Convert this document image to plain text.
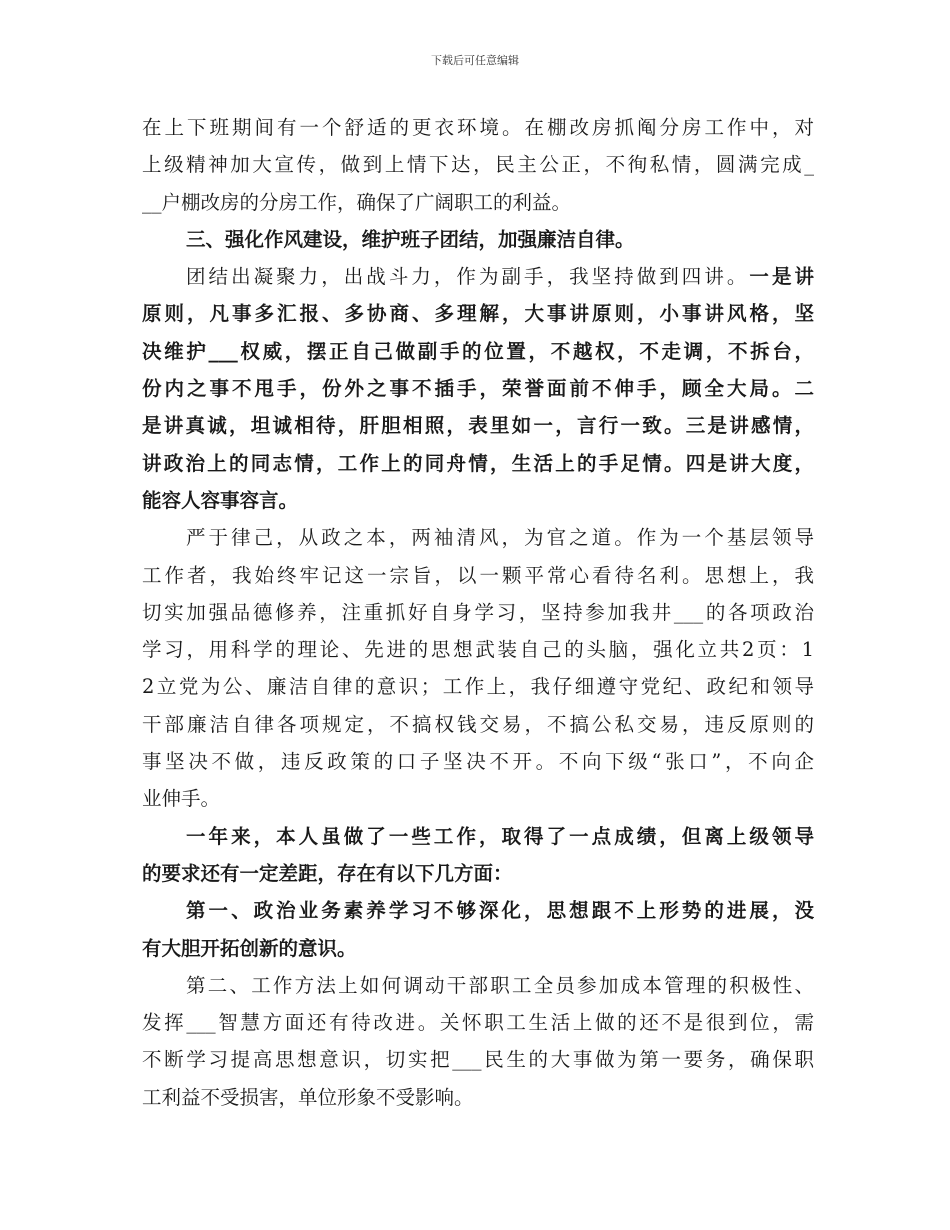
下载后可任意编辑
在上下班期间有一个舒适的更衣环境。在棚改房抓阄分房工作中，对
上级精神加大宣传，做到上情下达，民主公正，不徇私情，圆满完成_
__户棚改房的分房工作，确保了广阔职工的利益。
三、强化作风建设，维护班子团结，加强廉洁自律。
团结出凝聚力，出战斗力，作为副手，我坚持做到四讲。一是讲
原则，凡事多汇报、多协商、多理解，大事讲原则，小事讲风格，坚
决维护___权威，摆正自己做副手的位置，不越权，不走调，不拆台，
份内之事不甩手，份外之事不插手，荣誉面前不伸手，顾全大局。二
是讲真诚，坦诚相待，肝胆相照，表里如一，言行一致。三是讲感情，
讲政治上的同志情，工作上的同舟情，生活上的手足情。四是讲大度，
能容人容事容言。
严于律己，从政之本，两袖清风，为官之道。作为一个基层领导
工作者，我始终牢记这一宗旨，以一颗平常心看待名利。思想上，我
切实加强品德修养，注重抓好自身学习，坚持参加我井___的各项政治
学习，用科学的理论、先进的思想武装自己的头脑，强化立共2页：1
2立党为公、廉洁自律的意识；工作上，我仔细遵守党纪、政纪和领导
干部廉洁自律各项规定，不搞权钱交易，不搞公私交易，违反原则的
事坚决不做，违反政策的口子坚决不开。不向下级“张口”，不向企
业伸手。
一年来，本人虽做了一些工作，取得了一点成绩，但离上级领导
的要求还有一定差距，存在有以下几方面：
第一、政治业务素养学习不够深化，思想跟不上形势的进展，没
有大胆开拓创新的意识。
第二、工作方法上如何调动干部职工全员参加成本管理的积极性、
发挥___智慧方面还有待改进。关怀职工生活上做的还不是很到位，需
不断学习提高思想意识，切实把___民生的大事做为第一要务，确保职
工利益不受损害，单位形象不受影响。
